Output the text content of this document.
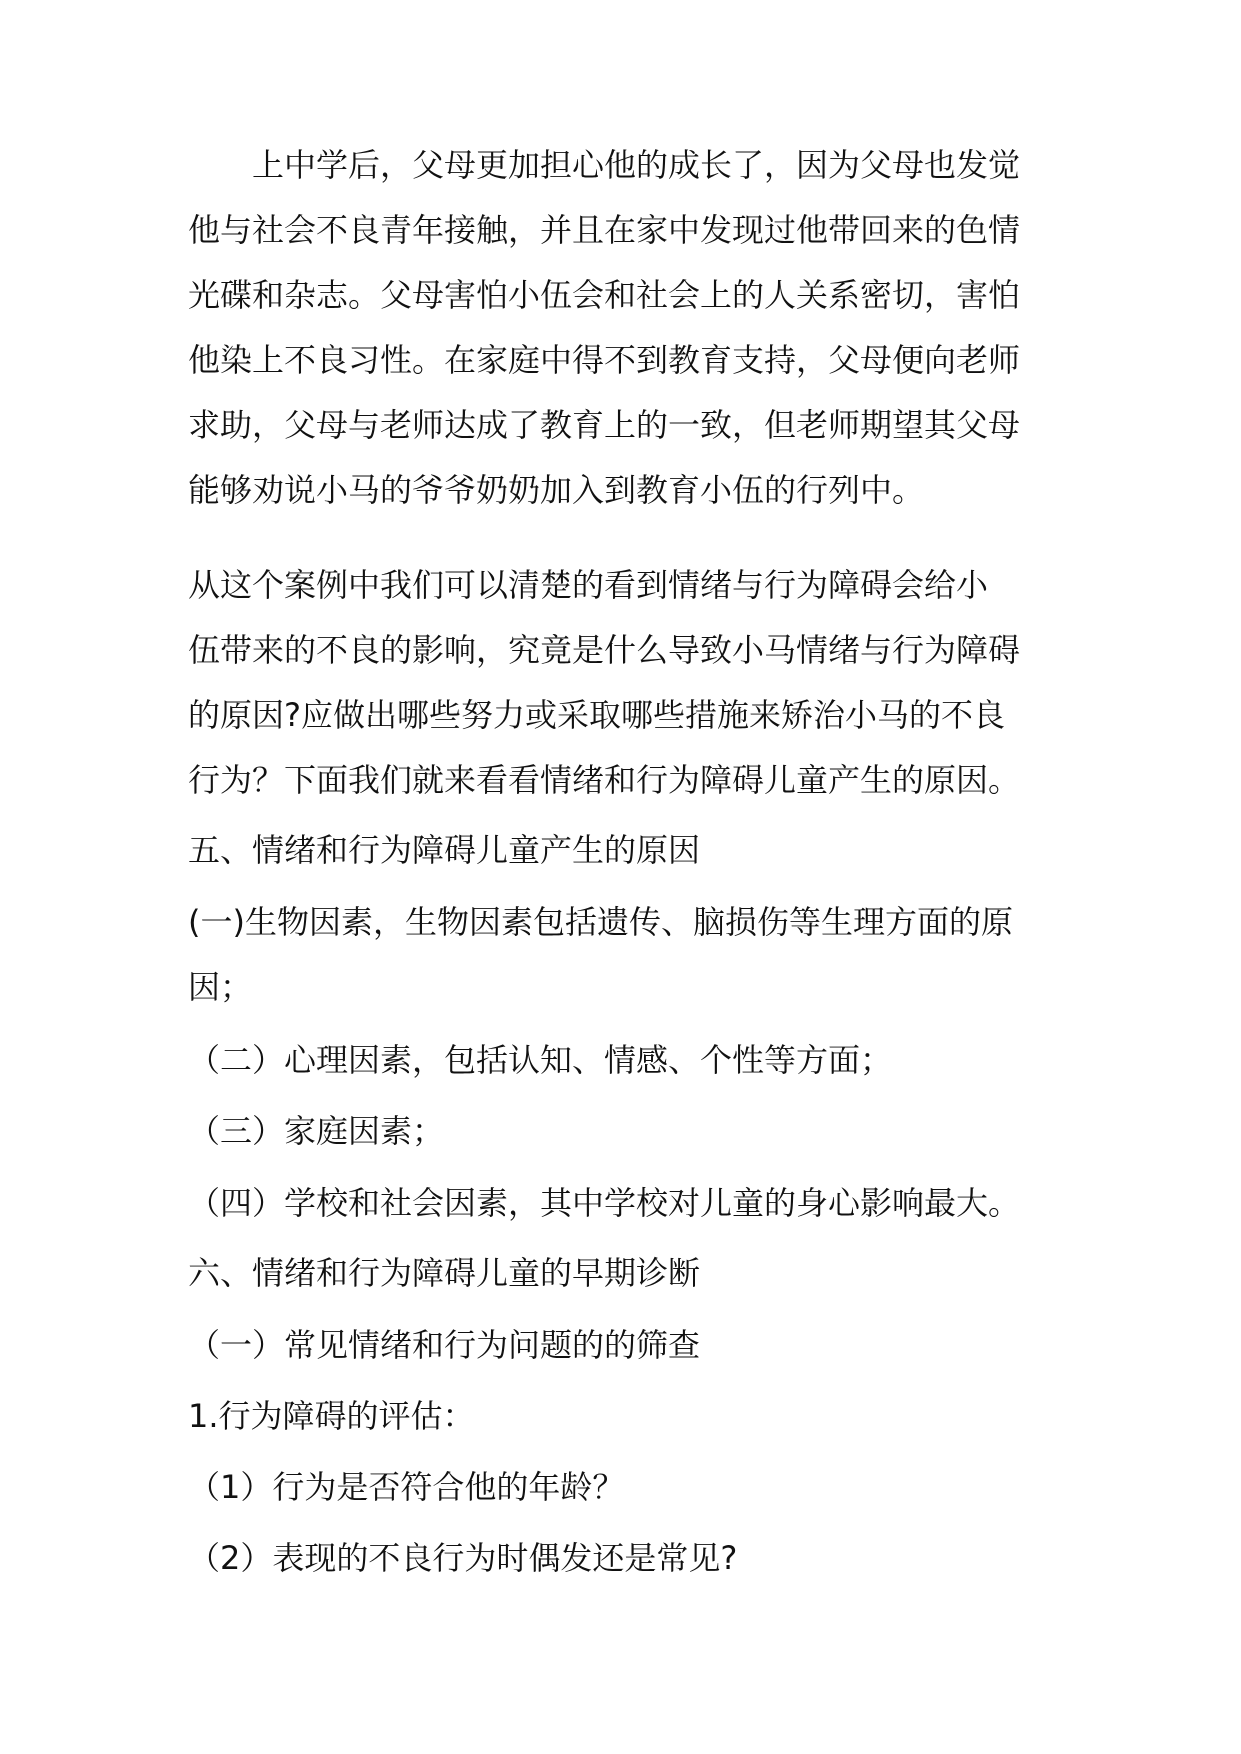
　　上中学后，父母更加担心他的成长了，因为父母也发觉
他与社会不良青年接触，并且在家中发现过他带回来的色情
光碟和杂志。父母害怕小伍会和社会上的人关系密切，害怕
他染上不良习性。在家庭中得不到教育支持，父母便向老师
求助，父母与老师达成了教育上的一致，但老师期望其父母
能够劝说小马的爷爷奶奶加入到教育小伍的行列中。
从这个案例中我们可以清楚的看到情绪与行为障碍会给小
伍带来的不良的影响，究竟是什么导致小马情绪与行为障碍
的原因?应做出哪些努力或采取哪些措施来矫治小马的不良
行为？下面我们就来看看情绪和行为障碍儿童产生的原因。
五、情绪和行为障碍儿童产生的原因
(一)生物因素，生物因素包括遗传、脑损伤等生理方面的原
因；
（二）心理因素，包括认知、情感、个性等方面；
（三）家庭因素；
（四）学校和社会因素，其中学校对儿童的身心影响最大。
六、情绪和行为障碍儿童的早期诊断
（一）常见情绪和行为问题的的筛查
1.行为障碍的评估：
（1）行为是否符合他的年龄？
（2）表现的不良行为时偶发还是常见?
